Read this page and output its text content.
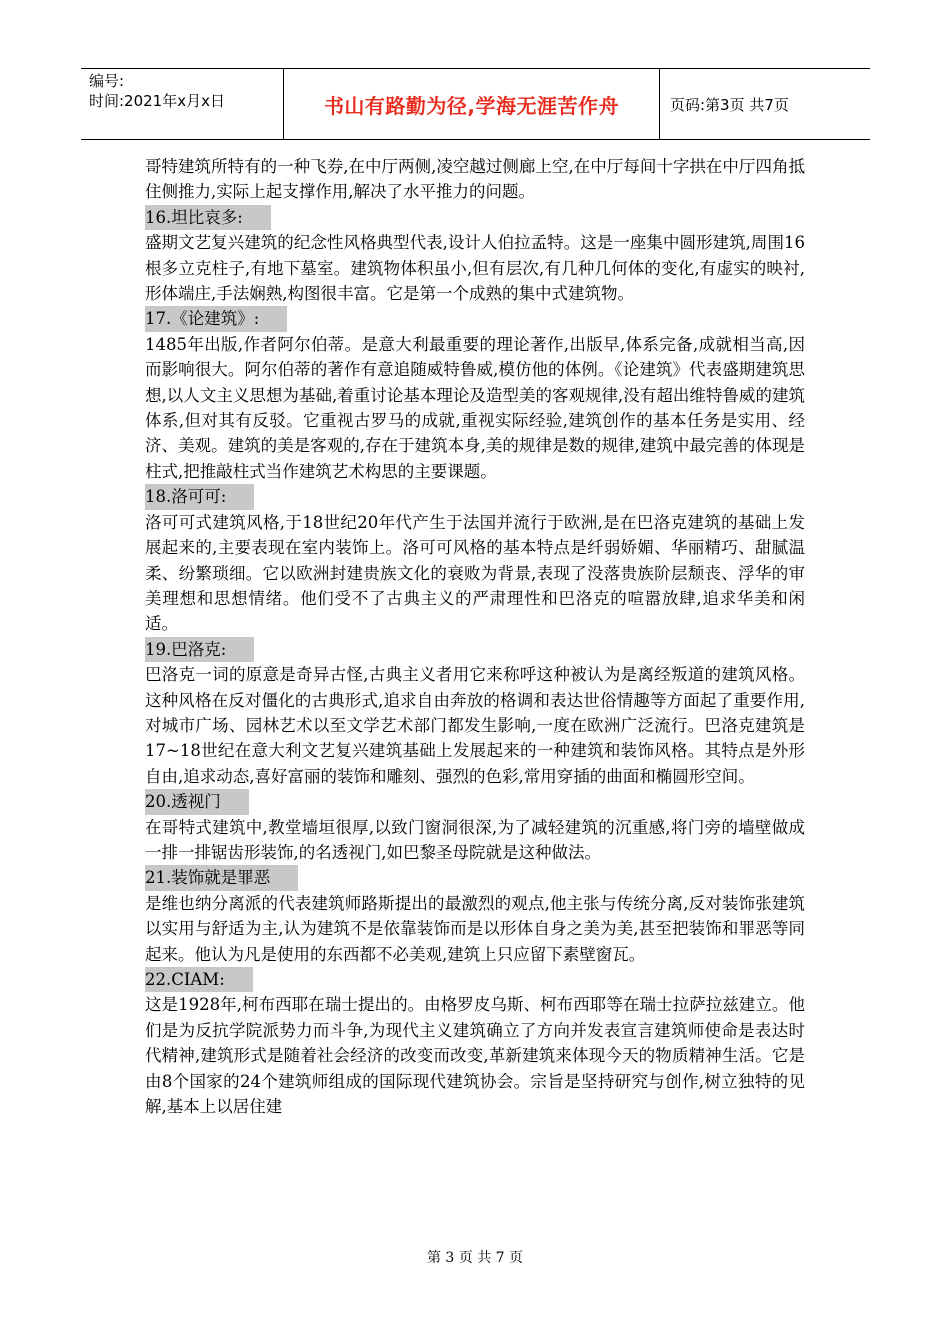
编号:
时间:2021年x月x日	书山有路勤为径,学海无涯苦作舟	页码:第3页 共7页

哥特建筑所特有的一种飞券,在中厅两侧,凌空越过侧廊上空,在中厅每间十字拱在中厅四角抵住侧推力,实际上起支撑作用,解决了水平推力的问题。

16.坦比哀多:

盛期文艺复兴建筑的纪念性风格典型代表,设计人伯拉孟特。这是一座集中圆形建筑,周围16根多立克柱子,有地下墓室。建筑物体积虽小,但有层次,有几种几何体的变化,有虚实的映衬,形体端庄,手法娴熟,构图很丰富。它是第一个成熟的集中式建筑物。

17.《论建筑》:

1485年出版,作者阿尔伯蒂。是意大利最重要的理论著作,出版早,体系完备,成就相当高,因而影响很大。阿尔伯蒂的著作有意追随威特鲁威,模仿他的体例。《论建筑》代表盛期建筑思想,以人文主义思想为基础,着重讨论基本理论及造型美的客观规律,没有超出维特鲁威的建筑体系,但对其有反驳。它重视古罗马的成就,重视实际经验,建筑创作的基本任务是实用、经济、美观。建筑的美是客观的,存在于建筑本身,美的规律是数的规律,建筑中最完善的体现是柱式,把推敲柱式当作建筑艺术构思的主要课题。

18.洛可可:

洛可可式建筑风格,于18世纪20年代产生于法国并流行于欧洲,是在巴洛克建筑的基础上发展起来的,主要表现在室内装饰上。洛可可风格的基本特点是纤弱娇媚、华丽精巧、甜腻温柔、纷繁琐细。它以欧洲封建贵族文化的衰败为背景,表现了没落贵族阶层颓丧、浮华的审美理想和思想情绪。他们受不了古典主义的严肃理性和巴洛克的喧嚣放肆,追求华美和闲适。

19.巴洛克:

巴洛克一词的原意是奇异古怪,古典主义者用它来称呼这种被认为是离经叛道的建筑风格。这种风格在反对僵化的古典形式,追求自由奔放的格调和表达世俗情趣等方面起了重要作用,对城市广场、园林艺术以至文学艺术部门都发生影响,一度在欧洲广泛流行。巴洛克建筑是17~18世纪在意大利文艺复兴建筑基础上发展起来的一种建筑和装饰风格。其特点是外形自由,追求动态,喜好富丽的装饰和雕刻、强烈的色彩,常用穿插的曲面和椭圆形空间。

20.透视门

在哥特式建筑中,教堂墙垣很厚,以致门窗洞很深,为了减轻建筑的沉重感,将门旁的墙壁做成一排一排锯齿形装饰,的名透视门,如巴黎圣母院就是这种做法。

21.装饰就是罪恶

是维也纳分离派的代表建筑师路斯提出的最激烈的观点,他主张与传统分离,反对装饰张建筑以实用与舒适为主,认为建筑不是依靠装饰而是以形体自身之美为美,甚至把装饰和罪恶等同起来。他认为凡是使用的东西都不必美观,建筑上只应留下素壁窗瓦。

22.CIAM:

这是1928年,柯布西耶在瑞士提出的。由格罗皮乌斯、柯布西耶等在瑞士拉萨拉兹建立。他们是为反抗学院派势力而斗争,为现代主义建筑确立了方向并发表宣言建筑师使命是表达时代精神,建筑形式是随着社会经济的改变而改变,革新建筑来体现今天的物质精神生活。它是由8个国家的24个建筑师组成的国际现代建筑协会。宗旨是坚持研究与创作,树立独特的见解,基本上以居住建

第 3 页 共 7 页
